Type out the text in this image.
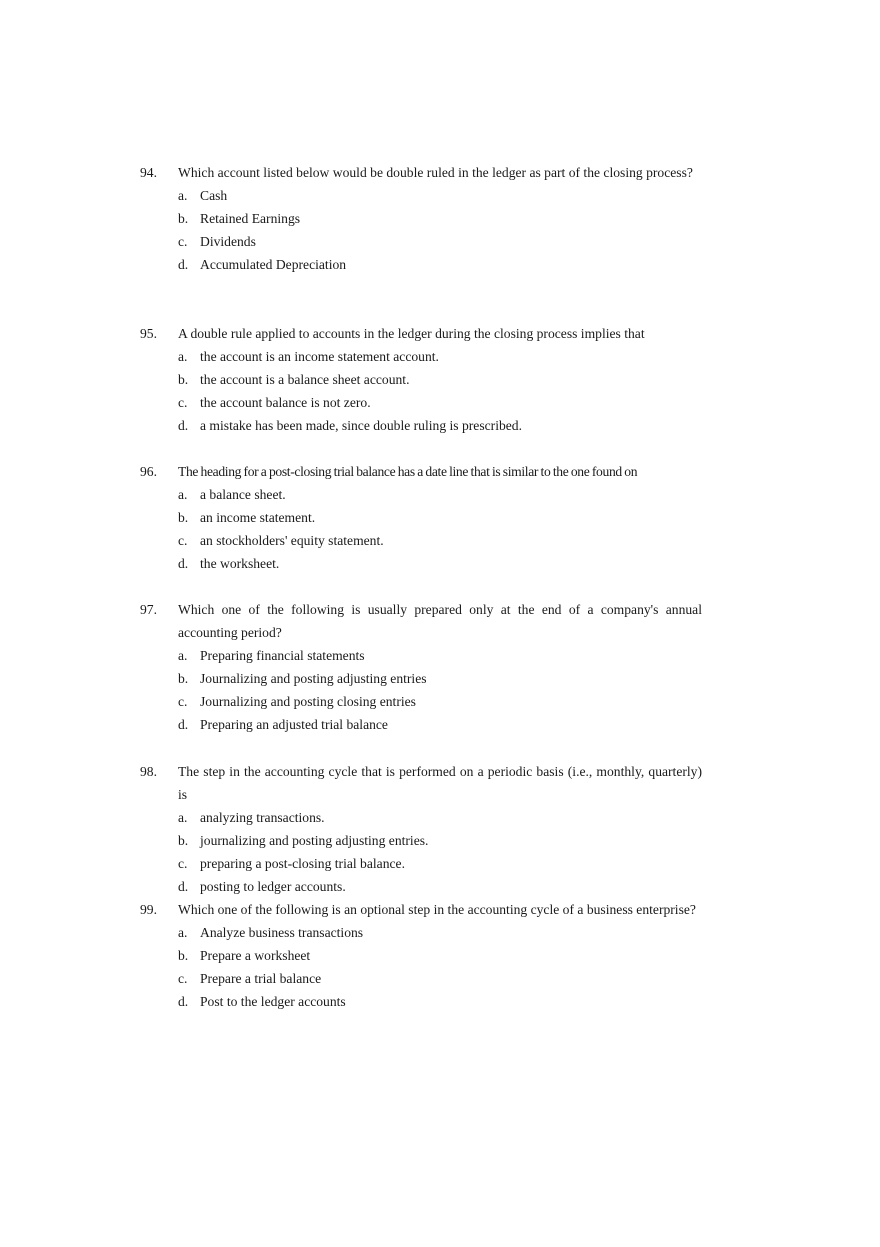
94.	Which account listed below would be double ruled in the ledger as part of the closing process?
a. Cash
b. Retained Earnings
c. Dividends
d. Accumulated Depreciation
95.	A double rule applied to accounts in the ledger during the closing process implies that
a. the account is an income statement account.
b. the account is a balance sheet account.
c. the account balance is not zero.
d. a mistake has been made, since double ruling is prescribed.
96.	The heading for a post-closing trial balance has a date line that is similar to the one found on
a. a balance sheet.
b. an income statement.
c. an stockholders' equity statement.
d. the worksheet.
97.	Which one of the following is usually prepared only at the end of a company's annual accounting period?
a. Preparing financial statements
b. Journalizing and posting adjusting entries
c. Journalizing and posting closing entries
d. Preparing an adjusted trial balance
98.	The step in the accounting cycle that is performed on a periodic basis (i.e., monthly, quarterly) is
a. analyzing transactions.
b. journalizing and posting adjusting entries.
c. preparing a post-closing trial balance.
d. posting to ledger accounts.
99.	Which one of the following is an optional step in the accounting cycle of a business enterprise?
a. Analyze business transactions
b. Prepare a worksheet
c. Prepare a trial balance
d. Post to the ledger accounts
